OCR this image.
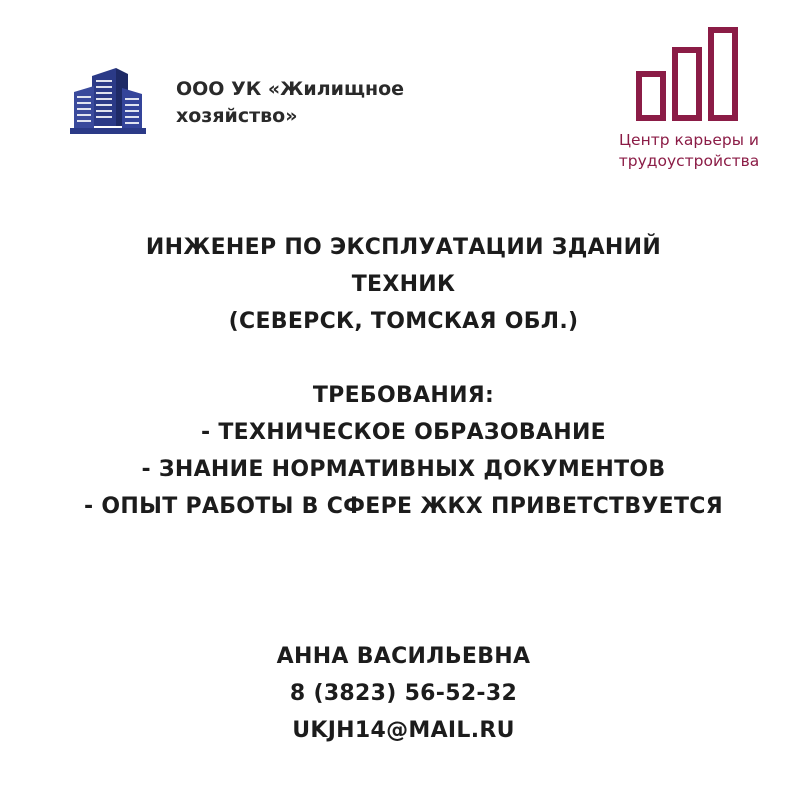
ООО УК «Жилищное
хозяйство»
Центр карьеры и
трудоустройства
ИНЖЕНЕР ПО ЭКСПЛУАТАЦИИ ЗДАНИЙ
ТЕХНИК
(СЕВЕРСК, ТОМСКАЯ ОБЛ.)
ТРЕБОВАНИЯ:
- ТЕХНИЧЕСКОЕ ОБРАЗОВАНИЕ
- ЗНАНИЕ НОРМАТИВНЫХ ДОКУМЕНТОВ
- ОПЫТ РАБОТЫ В СФЕРЕ ЖКХ ПРИВЕТСТВУЕТСЯ
АННА ВАСИЛЬЕВНА
8 (3823) 56-52-32
UKJH14@MAIL.RU
